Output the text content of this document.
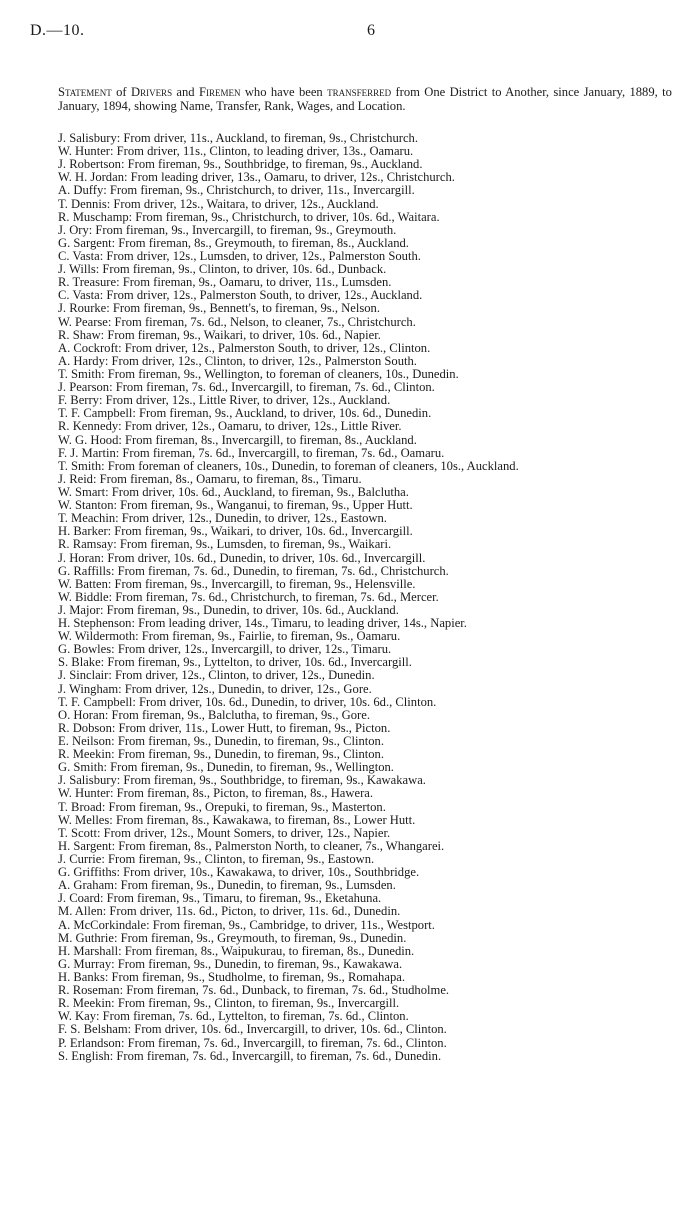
D.—10.	6
Statement of Drivers and Firemen who have been transferred from One District to Another, since January, 1889, to January, 1894, showing Name, Transfer, Rank, Wages, and Location.
J. Salisbury: From driver, 11s., Auckland, to fireman, 9s., Christchurch.
W. Hunter: From driver, 11s., Clinton, to leading driver, 13s., Oamaru.
J. Robertson: From fireman, 9s., Southbridge, to fireman, 9s., Auckland.
W. H. Jordan: From leading driver, 13s., Oamaru, to driver, 12s., Christchurch.
A. Duffy: From fireman, 9s., Christchurch, to driver, 11s., Invercargill.
T. Dennis: From driver, 12s., Waitara, to driver, 12s., Auckland.
R. Muschamp: From fireman, 9s., Christchurch, to driver, 10s. 6d., Waitara.
J. Ory: From fireman, 9s., Invercargill, to fireman, 9s., Greymouth.
G. Sargent: From fireman, 8s., Greymouth, to fireman, 8s., Auckland.
C. Vasta: From driver, 12s., Lumsden, to driver, 12s., Palmerston South.
J. Wills: From fireman, 9s., Clinton, to driver, 10s. 6d., Dunback.
R. Treasure: From fireman, 9s., Oamaru, to driver, 11s., Lumsden.
C. Vasta: From driver, 12s., Palmerston South, to driver, 12s., Auckland.
J. Rourke: From fireman, 9s., Bennett's, to fireman, 9s., Nelson.
W. Pearse: From fireman, 7s. 6d., Nelson, to cleaner, 7s., Christchurch.
R. Shaw: From fireman, 9s., Waikari, to driver, 10s. 6d., Napier.
A. Cockroft: From driver, 12s., Palmerston South, to driver, 12s., Clinton.
A. Hardy: From driver, 12s., Clinton, to driver, 12s., Palmerston South.
T. Smith: From fireman, 9s., Wellington, to foreman of cleaners, 10s., Dunedin.
J. Pearson: From fireman, 7s. 6d., Invercargill, to fireman, 7s. 6d., Clinton.
F. Berry: From driver, 12s., Little River, to driver, 12s., Auckland.
T. F. Campbell: From fireman, 9s., Auckland, to driver, 10s. 6d., Dunedin.
R. Kennedy: From driver, 12s., Oamaru, to driver, 12s., Little River.
W. G. Hood: From fireman, 8s., Invercargill, to fireman, 8s., Auckland.
F. J. Martin: From fireman, 7s. 6d., Invercargill, to fireman, 7s. 6d., Oamaru.
T. Smith: From foreman of cleaners, 10s., Dunedin, to foreman of cleaners, 10s., Auckland.
J. Reid: From fireman, 8s., Oamaru, to fireman, 8s., Timaru.
W. Smart: From driver, 10s. 6d., Auckland, to fireman, 9s., Balclutha.
W. Stanton: From fireman, 9s., Wanganui, to fireman, 9s., Upper Hutt.
T. Meachin: From driver, 12s., Dunedin, to driver, 12s., Eastown.
H. Barker: From fireman, 9s., Waikari, to driver, 10s. 6d., Invercargill.
R. Ramsay: From fireman, 9s., Lumsden, to fireman, 9s., Waikari.
J. Horan: From driver, 10s. 6d., Dunedin, to driver, 10s. 6d., Invercargill.
G. Raffills: From fireman, 7s. 6d., Dunedin, to fireman, 7s. 6d., Christchurch.
W. Batten: From fireman, 9s., Invercargill, to fireman, 9s., Helensville.
W. Biddle: From fireman, 7s. 6d., Christchurch, to fireman, 7s. 6d., Mercer.
J. Major: From fireman, 9s., Dunedin, to driver, 10s. 6d., Auckland.
H. Stephenson: From leading driver, 14s., Timaru, to leading driver, 14s., Napier.
W. Wildermoth: From fireman, 9s., Fairlie, to fireman, 9s., Oamaru.
G. Bowles: From driver, 12s., Invercargill, to driver, 12s., Timaru.
S. Blake: From fireman, 9s., Lyttelton, to driver, 10s. 6d., Invercargill.
J. Sinclair: From driver, 12s., Clinton, to driver, 12s., Dunedin.
J. Wingham: From driver, 12s., Dunedin, to driver, 12s., Gore.
T. F. Campbell: From driver, 10s. 6d., Dunedin, to driver, 10s. 6d., Clinton.
O. Horan: From fireman, 9s., Balclutha, to fireman, 9s., Gore.
R. Dobson: From driver, 11s., Lower Hutt, to fireman, 9s., Picton.
E. Neilson: From fireman, 9s., Dunedin, to fireman, 9s., Clinton.
R. Meekin: From fireman, 9s., Dunedin, to fireman, 9s., Clinton.
G. Smith: From fireman, 9s., Dunedin, to fireman, 9s., Wellington.
J. Salisbury: From fireman, 9s., Southbridge, to fireman, 9s., Kawakawa.
W. Hunter: From fireman, 8s., Picton, to fireman, 8s., Hawera.
T. Broad: From fireman, 9s., Orepuki, to fireman, 9s., Masterton.
W. Melles: From fireman, 8s., Kawakawa, to fireman, 8s., Lower Hutt.
T. Scott: From driver, 12s., Mount Somers, to driver, 12s., Napier.
H. Sargent: From fireman, 8s., Palmerston North, to cleaner, 7s., Whangarei.
J. Currie: From fireman, 9s., Clinton, to fireman, 9s., Eastown.
G. Griffiths: From driver, 10s., Kawakawa, to driver, 10s., Southbridge.
A. Graham: From fireman, 9s., Dunedin, to fireman, 9s., Lumsden.
J. Coard: From fireman, 9s., Timaru, to fireman, 9s., Eketahuna.
M. Allen: From driver, 11s. 6d., Picton, to driver, 11s. 6d., Dunedin.
A. McCorkindale: From fireman, 9s., Cambridge, to driver, 11s., Westport.
M. Guthrie: From fireman, 9s., Greymouth, to fireman, 9s., Dunedin.
H. Marshall: From fireman, 8s., Waipukurau, to fireman, 8s., Dunedin.
G. Murray: From fireman, 9s., Dunedin, to fireman, 9s., Kawakawa.
H. Banks: From fireman, 9s., Studholme, to fireman, 9s., Romahapa.
R. Roseman: From fireman, 7s. 6d., Dunback, to fireman, 7s. 6d., Studholme.
R. Meekin: From fireman, 9s., Clinton, to fireman, 9s., Invercargill.
W. Kay: From fireman, 7s. 6d., Lyttelton, to fireman, 7s. 6d., Clinton.
F. S. Belsham: From driver, 10s. 6d., Invercargill, to driver, 10s. 6d., Clinton.
P. Erlandson: From fireman, 7s. 6d., Invercargill, to fireman, 7s. 6d., Clinton.
S. English: From fireman, 7s. 6d., Invercargill, to fireman, 7s. 6d., Dunedin.
